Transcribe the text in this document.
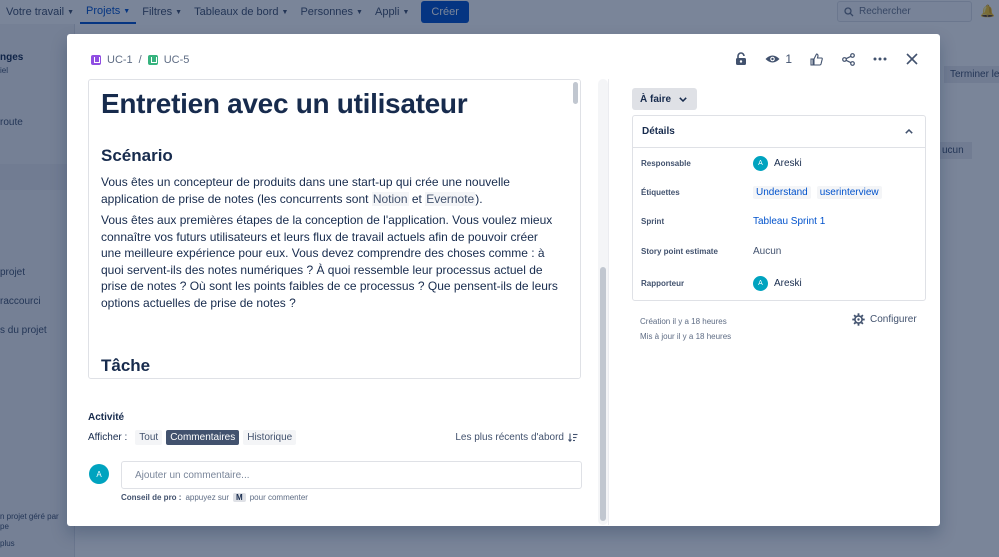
UC-1 / UC-5	1
Entretien avec un utilisateur
Scénario

Vous êtes un concepteur de produits dans une start-up qui crée une nouvelle application de prise de notes (les concurrents sont Notion et Evernote).

Vous êtes aux premières étapes de la conception de l'application. Vous voulez mieux connaître vos futurs utilisateurs et leurs flux de travail actuels afin de pouvoir créer une meilleure expérience pour eux. Vous devez comprendre des choses comme : à quoi servent-ils des notes numériques ? À quoi ressemble leur processus actuel de prise de notes ? Où sont les points faibles de ce processus ? Que pensent-ils de leurs options actuelles de prise de notes ?

Tâche
Activité
Afficher :	Tout	Commentaires	Historique	Les plus récents d'abord
A	Ajouter un commentaire...
Conseil de pro : appuyez sur M pour commenter
À faire
Détails
Responsable	A	Areski
Étiquettes	Understand	userinterview
Sprint	Tableau Sprint 1
Story point estimate	Aucun
Rapporteur	A	Areski
Création il y a 18 heures
Mis à jour il y a 18 heures
Configurer
